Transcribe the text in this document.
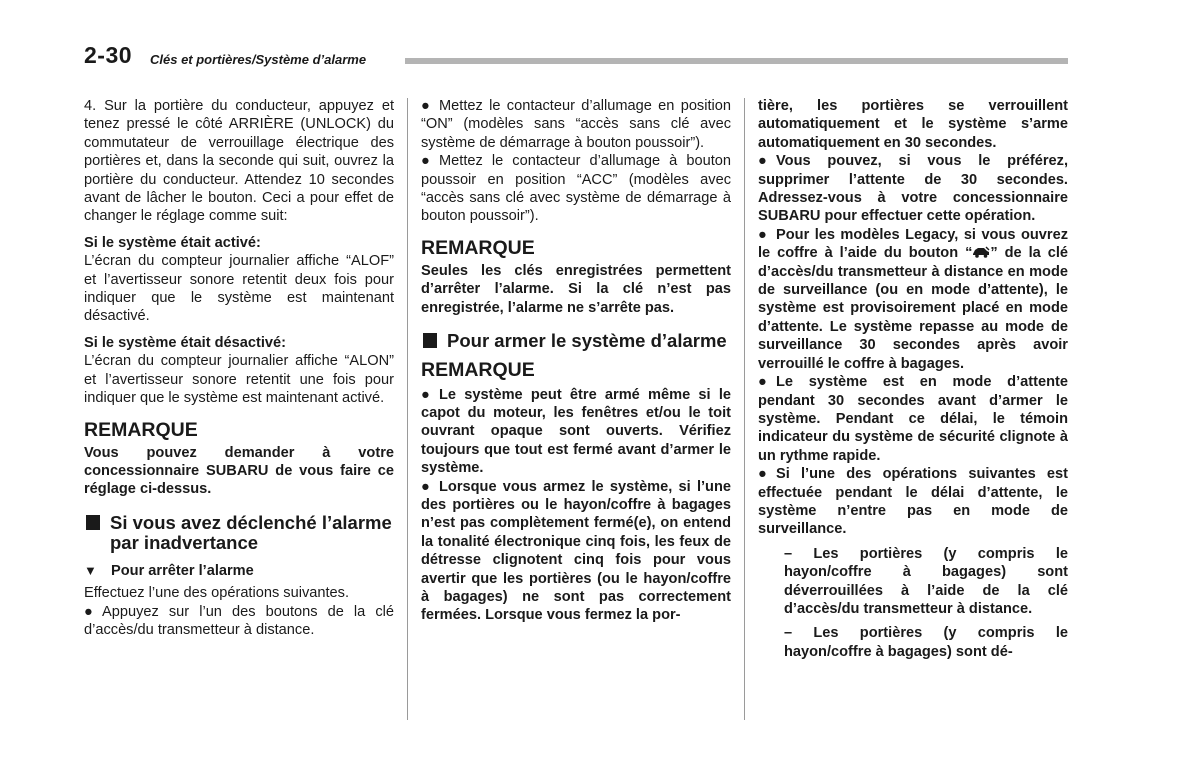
2-30 Clés et portières/Système d’alarme

4. Sur la portière du conducteur, appuyez et tenez pressé le côté ARRIÈRE (UNLOCK) du commutateur de verrouillage électrique des portières et, dans la seconde qui suit, ouvrez la portière du conducteur. Attendez 10 secondes avant de lâcher le bouton. Ceci a pour effet de changer le réglage comme suit:

Si le système était activé:

L’écran du compteur journalier affiche “ALOF” et l’avertisseur sonore retentit deux fois pour indiquer que le système est maintenant désactivé.

Si le système était désactivé:

L’écran du compteur journalier affiche “ALON” et l’avertisseur sonore retentit une fois pour indiquer que le système est maintenant activé.

REMARQUE

Vous pouvez demander à votre concessionnaire SUBARU de vous faire ce réglage ci-dessus.

Si vous avez déclenché l’alarme par inadvertance
▼ Pour arrêter l’alarme

Effectuez l’une des opérations suivantes.

● Appuyez sur l’un des boutons de la clé d’accès/du transmetteur à distance.

● Mettez le contacteur d’allumage en position “ON” (modèles sans “accès sans clé avec système de démarrage à bouton poussoir”).

● Mettez le contacteur d’allumage à bouton poussoir en position “ACC” (modèles avec “accès sans clé avec système de démarrage à bouton poussoir”).

REMARQUE

Seules les clés enregistrées permettent d’arrêter l’alarme. Si la clé n’est pas enregistrée, l’alarme ne s’arrête pas.

Pour armer le système d’alarme
REMARQUE

● Le système peut être armé même si le capot du moteur, les fenêtres et/ou le toit ouvrant opaque sont ouverts. Vérifiez toujours que tout est fermé avant d’armer le système.

● Lorsque vous armez le système, si l’une des portières ou le hayon/coffre à bagages n’est pas complètement fermé(e), on entend la tonalité électronique cinq fois, les feux de détresse clignotent cinq fois pour vous avertir que les portières (ou le hayon/coffre à bagages) ne sont pas correctement fermées. Lorsque vous fermez la por-

tière, les portières se verrouillent automatiquement et le système s’arme automatiquement en 30 secondes.

● Vous pouvez, si vous le préférez, supprimer l’attente de 30 secondes. Adressez-vous à votre concessionnaire SUBARU pour effectuer cette opération.

● Pour les modèles Legacy, si vous ouvrez le coffre à l’aide du bouton “ ” de la clé d’accès/du transmetteur à distance en mode de surveillance (ou en mode d’attente), le système est provisoirement placé en mode d’attente. Le système repasse au mode de surveillance 30 secondes après avoir verrouillé le coffre à bagages.

● Le système est en mode d’attente pendant 30 secondes avant d’armer le système. Pendant ce délai, le témoin indicateur du système de sécurité clignote à un rythme rapide.

● Si l’une des opérations suivantes est effectuée pendant le délai d’attente, le système n’entre pas en mode de surveillance.

– Les portières (y compris le hayon/coffre à bagages) sont déverrouillées à l’aide de la clé d’accès/du transmetteur à distance.

– Les portières (y compris le hayon/coffre à bagages) sont dé-
